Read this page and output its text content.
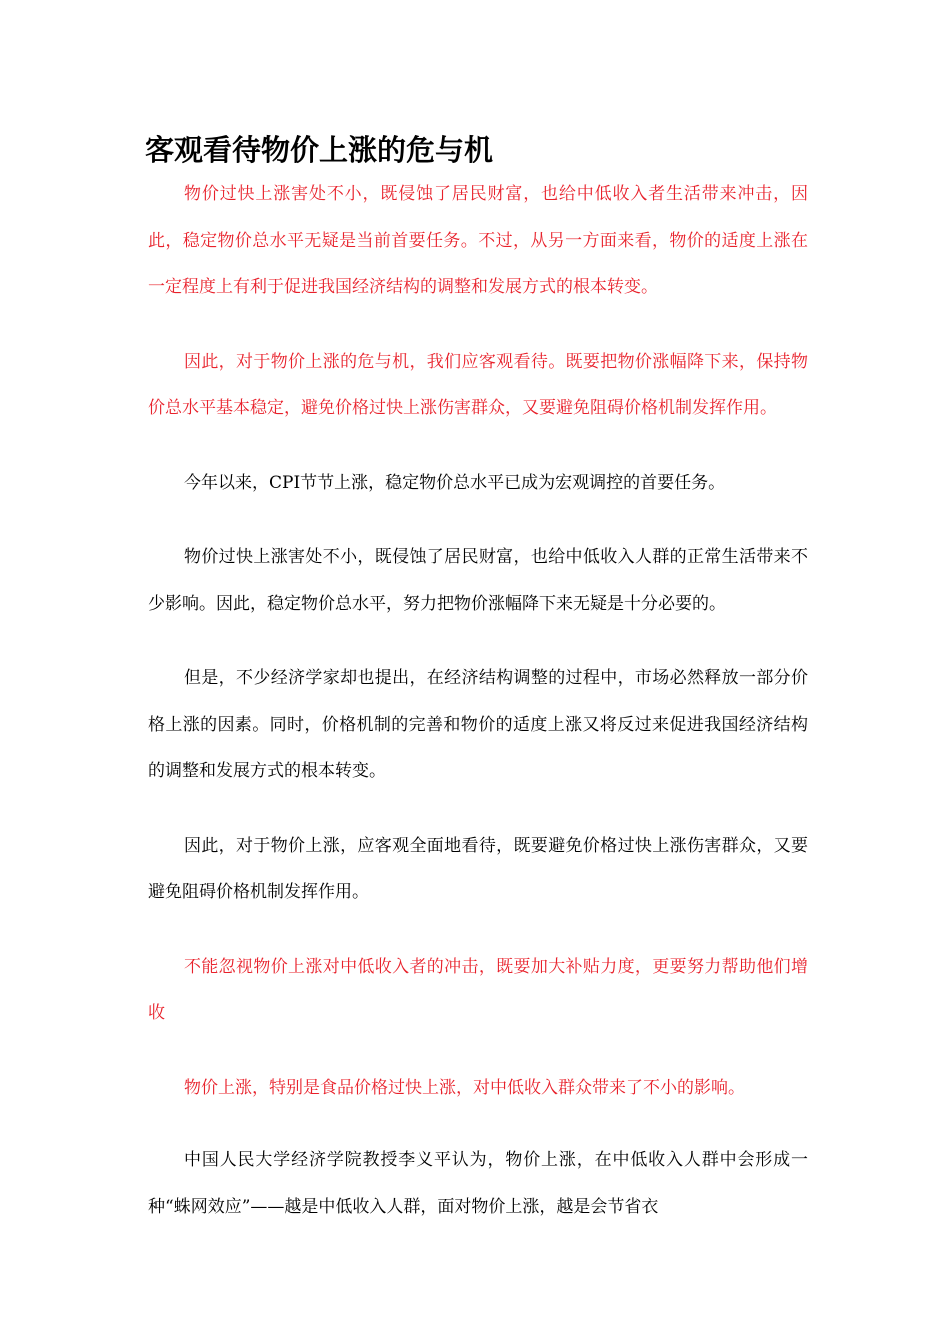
客观看待物价上涨的危与机

物价过快上涨害处不小，既侵蚀了居民财富，也给中低收入者生活带来冲击，因此，稳定物价总水平无疑是当前首要任务。不过，从另一方面来看，物价的适度上涨在一定程度上有利于促进我国经济结构的调整和发展方式的根本转变。

因此，对于物价上涨的危与机，我们应客观看待。既要把物价涨幅降下来，保持物价总水平基本稳定，避免价格过快上涨伤害群众，又要避免阻碍价格机制发挥作用。

今年以来，CPI节节上涨，稳定物价总水平已成为宏观调控的首要任务。

物价过快上涨害处不小，既侵蚀了居民财富，也给中低收入人群的正常生活带来不少影响。因此，稳定物价总水平，努力把物价涨幅降下来无疑是十分必要的。

但是，不少经济学家却也提出，在经济结构调整的过程中，市场必然释放一部分价格上涨的因素。同时，价格机制的完善和物价的适度上涨又将反过来促进我国经济结构的调整和发展方式的根本转变。

因此，对于物价上涨，应客观全面地看待，既要避免价格过快上涨伤害群众，又要避免阻碍价格机制发挥作用。

不能忽视物价上涨对中低收入者的冲击，既要加大补贴力度，更要努力帮助他们增收

物价上涨，特别是食品价格过快上涨，对中低收入群众带来了不小的影响。

中国人民大学经济学院教授李义平认为，物价上涨，在中低收入人群中会形成一种“蛛网效应”——越是中低收入人群，面对物价上涨，越是会节省衣
